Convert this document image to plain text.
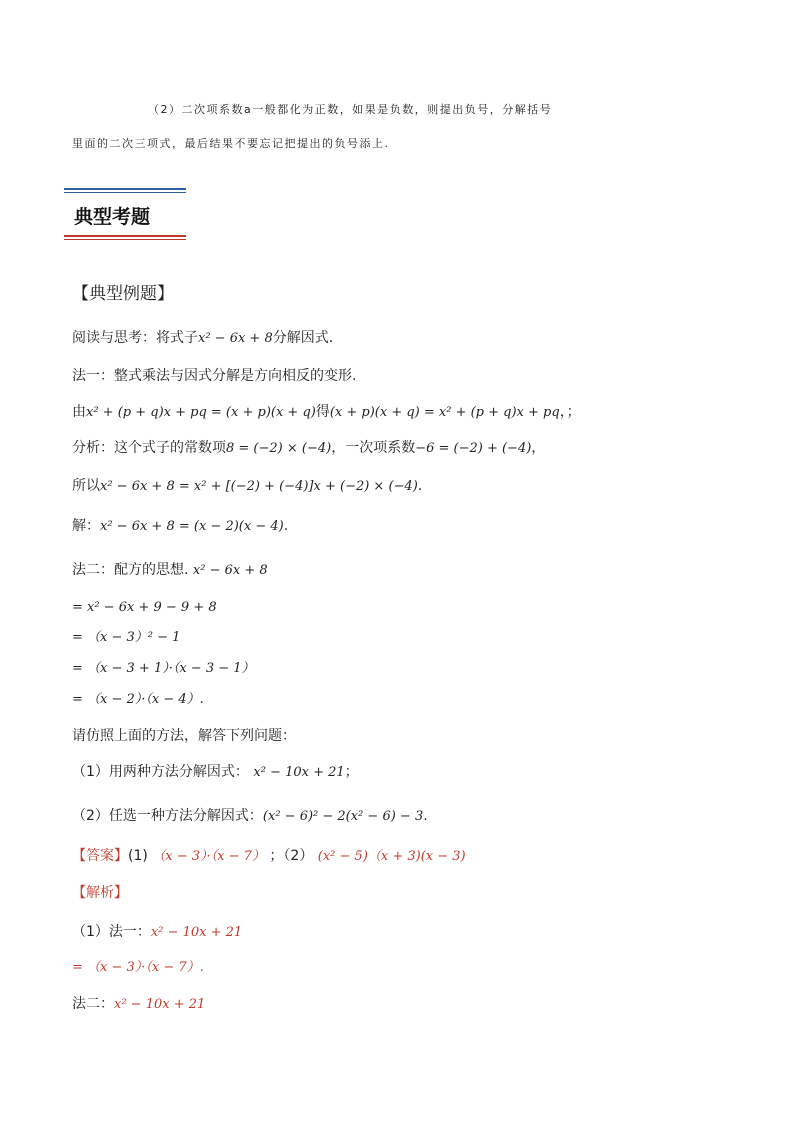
（2）二次项系数a一般都化为正数，如果是负数，则提出负号，分解括号
里面的二次三项式，最后结果不要忘记把提出的负号添上.
典型考题
【典型例题】
阅读与思考：将式子x² − 6x + 8分解因式．
法一：整式乘法与因式分解是方向相反的变形.
由x² + (p + q)x + pq = (x + p)(x + q)得(x + p)(x + q) = x² + (p + q)x + pq，；
分析：这个式子的常数项8 = (−2) × (−4)，一次项系数−6 = (−2) + (−4)，
所以x² − 6x + 8 = x² + [(−2) + (−4)]x + (−2) × (−4).
解：x² − 6x + 8 = (x − 2)(x − 4).
法二：配方的思想. x² − 6x + 8
= x² − 6x + 9 − 9 + 8
= （x − 3）² − 1
= （x − 3 + 1）·（x − 3 − 1）
= （x − 2）·（x − 4）.
请仿照上面的方法，解答下列问题：
（1）用两种方法分解因式： x² − 10x + 21；
（2）任选一种方法分解因式：(x² − 6)² − 2(x² − 6) − 3.
【答案】(1) （x − 3）·（x − 7） ；（2） (x² − 5)（x + 3)(x − 3)
【解析】
（1）法一：x² − 10x + 21
= （x − 3）·（x − 7）.
法二：x² − 10x + 21
